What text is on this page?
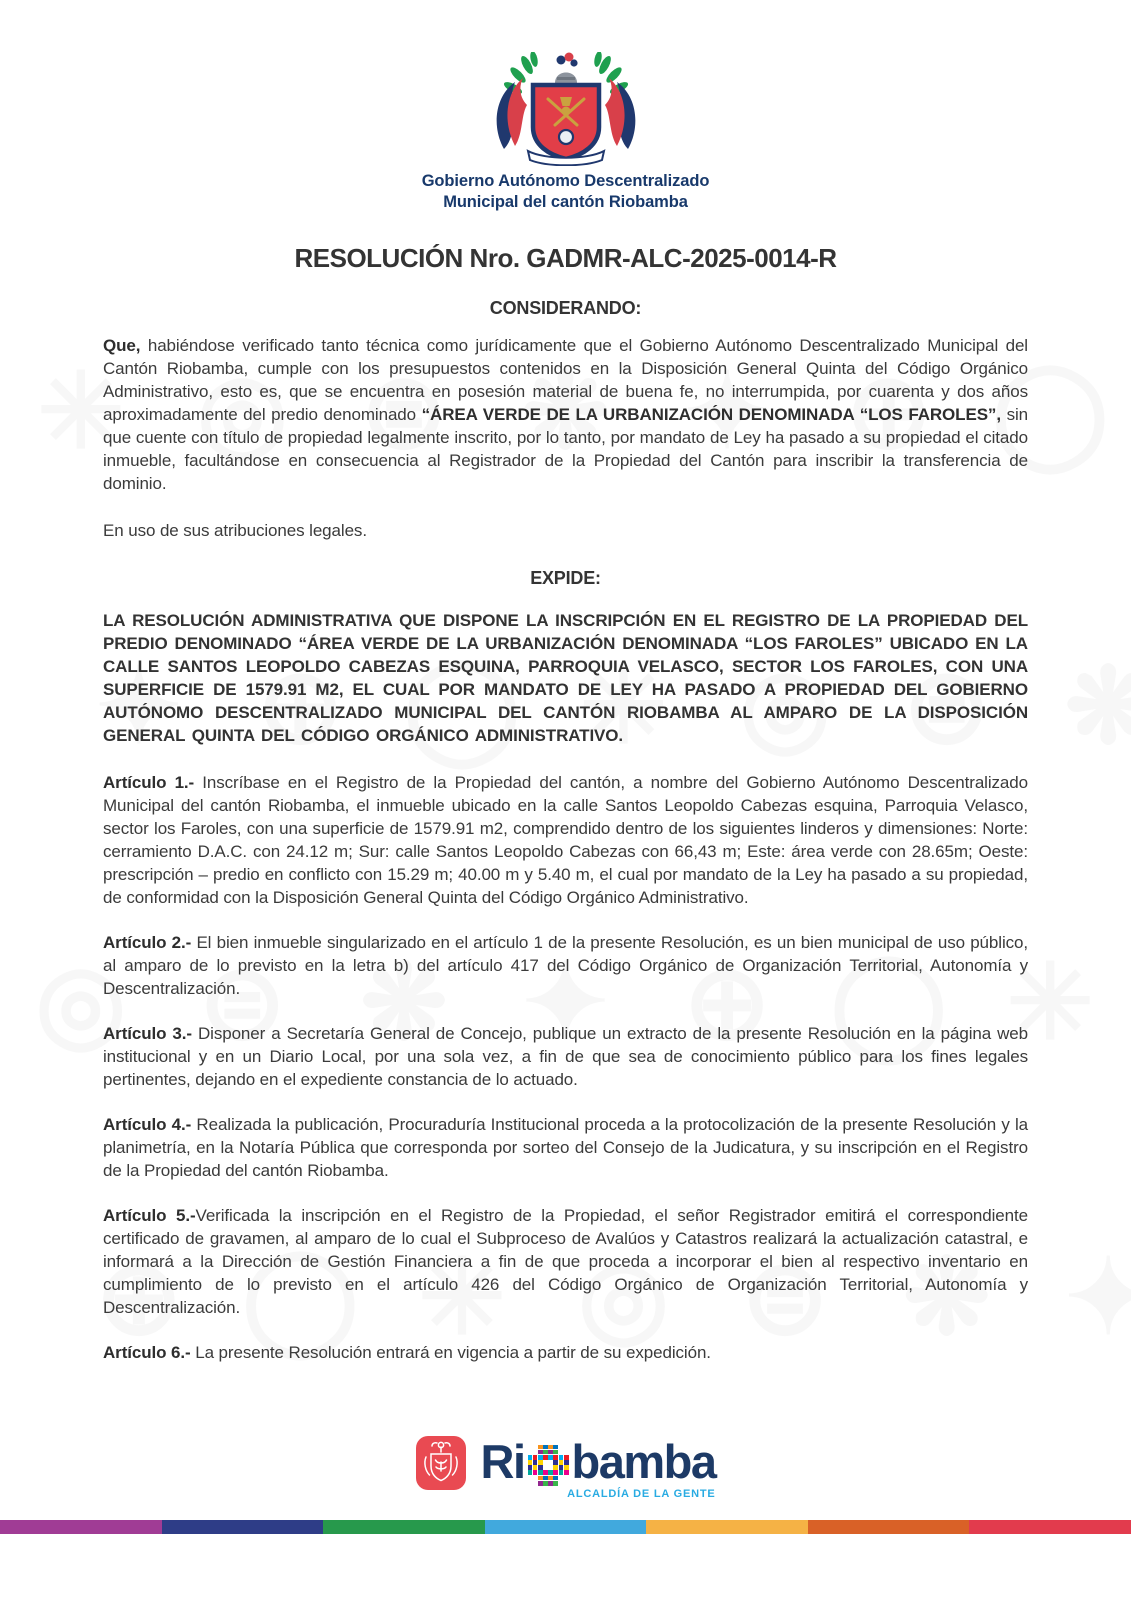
Gobierno Autónomo Descentralizado
Municipal del cantón Riobamba
RESOLUCIÓN Nro. GADMR-ALC-2025-0014-R
CONSIDERANDO:

Que, habiéndose verificado tanto técnica como jurídicamente que el Gobierno Autónomo Descentralizado Municipal del Cantón Riobamba, cumple con los presupuestos contenidos en la Disposición General Quinta del Código Orgánico Administrativo, esto es, que se encuentra en posesión material de buena fe, no interrumpida, por cuarenta y dos años aproximadamente del predio denominado “ÁREA VERDE DE LA URBANIZACIÓN DENOMINADA “LOS FAROLES”, sin que cuente con título de propiedad legalmente inscrito, por lo tanto, por mandato de Ley ha pasado a su propiedad el citado inmueble, facultándose en consecuencia al Registrador de la Propiedad del Cantón para inscribir la transferencia de dominio.

En uso de sus atribuciones legales.

EXPIDE:

LA RESOLUCIÓN ADMINISTRATIVA QUE DISPONE LA INSCRIPCIÓN EN EL REGISTRO DE LA PROPIEDAD DEL PREDIO DENOMINADO “ÁREA VERDE DE LA URBANIZACIÓN DENOMINADA “LOS FAROLES” UBICADO EN LA CALLE SANTOS LEOPOLDO CABEZAS ESQUINA, PARROQUIA VELASCO, SECTOR LOS FAROLES, CON UNA SUPERFICIE DE 1579.91 M2, EL CUAL POR MANDATO DE LEY HA PASADO A PROPIEDAD DEL GOBIERNO AUTÓNOMO DESCENTRALIZADO MUNICIPAL DEL CANTÓN RIOBAMBA AL AMPARO DE LA DISPOSICIÓN GENERAL QUINTA DEL CÓDIGO ORGÁNICO ADMINISTRATIVO.

Artículo 1.- Inscríbase en el Registro de la Propiedad del cantón, a nombre del Gobierno Autónomo Descentralizado Municipal del cantón Riobamba, el inmueble ubicado en la calle Santos Leopoldo Cabezas esquina, Parroquia Velasco, sector los Faroles, con una superficie de 1579.91 m2, comprendido dentro de los siguientes linderos y dimensiones: Norte: cerramiento D.A.C. con 24.12 m; Sur: calle Santos Leopoldo Cabezas con 66,43 m; Este: área verde con 28.65m; Oeste: prescripción – predio en conflicto con 15.29 m; 40.00 m y 5.40 m, el cual por mandato de la Ley ha pasado a su propiedad, de conformidad con la Disposición General Quinta del Código Orgánico Administrativo.

Artículo 2.- El bien inmueble singularizado en el artículo 1 de la presente Resolución, es un bien municipal de uso público, al amparo de lo previsto en la letra b) del artículo 417 del Código Orgánico de Organización Territorial, Autonomía y Descentralización.

Artículo 3.- Disponer a Secretaría General de Concejo, publique un extracto de la presente Resolución en la página web institucional y en un Diario Local, por una sola vez, a fin de que sea de conocimiento público para los fines legales pertinentes, dejando en el expediente constancia de lo actuado.

Artículo 4.- Realizada la publicación, Procuraduría Institucional proceda a la protocolización de la presente Resolución y la planimetría, en la Notaría Pública que corresponda por sorteo del Consejo de la Judicatura, y su inscripción en el Registro de la Propiedad del cantón Riobamba.

Artículo 5.-Verificada la inscripción en el Registro de la Propiedad, el señor Registrador emitirá el correspondiente certificado de gravamen, al amparo de lo cual el Subproceso de Avalúos y Catastros realizará la actualización catastral, e informará a la Dirección de Gestión Financiera a fin de que proceda a incorporar el bien al respectivo inventario en cumplimiento de lo previsto en el artículo 426 del Código Orgánico de Organización Territorial, Autonomía y Descentralización.

Artículo 6.- La presente Resolución entrará en vigencia a partir de su expedición.

Ri bamba
ALCALDÍA DE LA GENTE
